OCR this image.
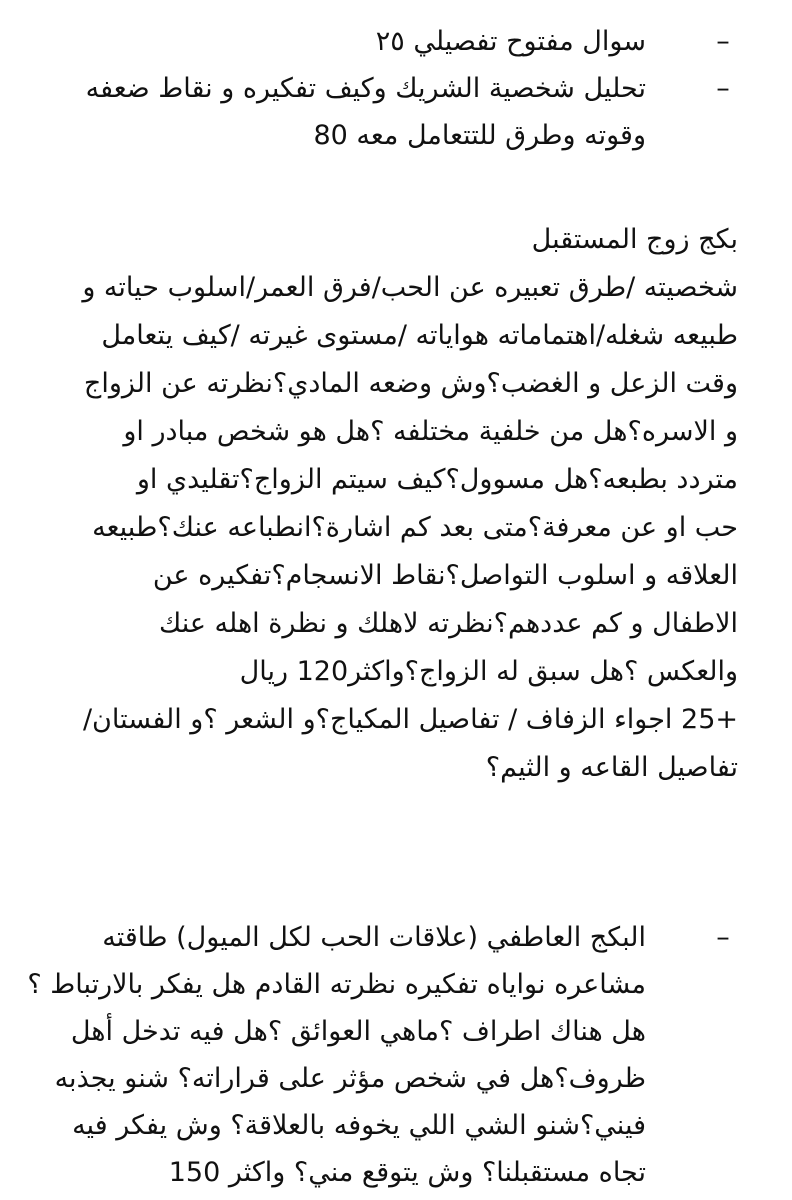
–
سوال مفتوح تفصيلي ٢٥
–
تحليل شخصية الشريك وكيف تفكيره و نقاط ضعفه
وقوته وطرق للتتعامل معه 80
بكج زوج المستقبل
شخصيته /طرق تعبيره عن الحب/فرق العمر/اسلوب حياته و
طبيعه شغله/اهتماماته هواياته /مستوى غيرته /كيف يتعامل
وقت الزعل و الغضب؟وش وضعه المادي؟نظرته عن الزواج
و الاسره؟هل من خلفية مختلفه ؟هل هو شخص مبادر او
متردد بطبعه؟هل مسوول؟كيف سيتم الزواج؟تقليدي او
حب او عن معرفة؟متى بعد كم اشارة؟انطباعه عنك؟طبيعه
العلاقه و اسلوب التواصل؟نقاط الانسجام؟تفكيره عن
الاطفال و كم عددهم؟نظرته لاهلك و نظرة اهله عنك
والعكس ؟هل سبق له الزواج؟واكثر120 ريال
+25 اجواء الزفاف / تفاصيل المكياج؟و الشعر ؟و الفستان/
تفاصيل القاعه و الثيم؟
–
البكج العاطفي (علاقات الحب لكل الميول) طاقته
مشاعره نواياه تفكيره نظرته القادم هل يفكر بالارتباط ؟
هل هناك اطراف ؟ماهي العوائق ؟هل فيه تدخل أهل
ظروف؟هل في شخص مؤثر على قراراته؟ شنو يجذبه
فيني؟شنو الشي اللي يخوفه بالعلاقة؟ وش يفكر فيه
تجاه مستقبلنا؟ وش يتوقع مني؟ واكثر 150
